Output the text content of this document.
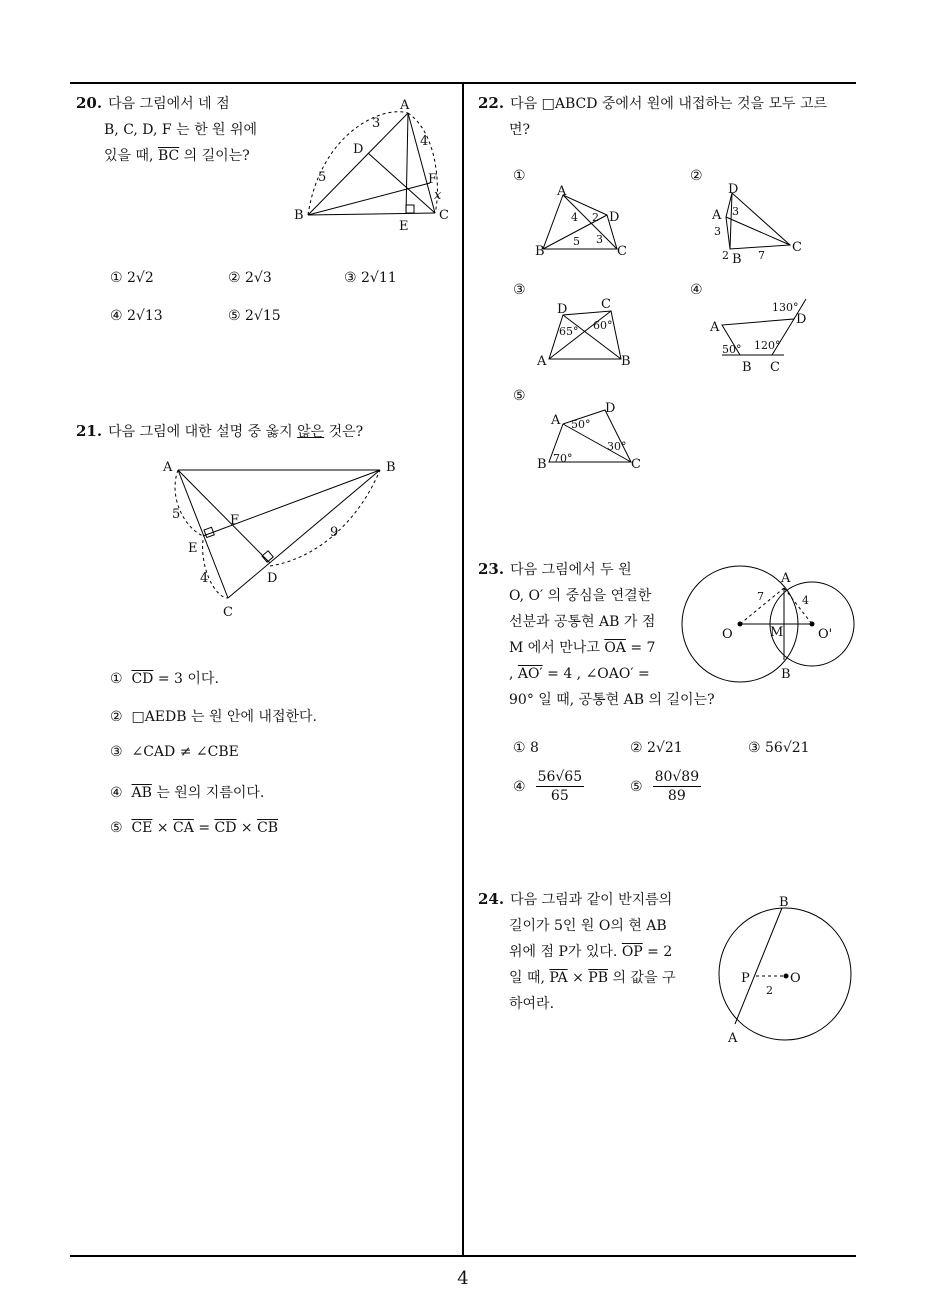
4
20. 다음 그림에서 네 점
B, C, D, F 는 한 원 위에
있을 때, $\overline{BC}$ 의 길이는?
A
B	C
D
E
F
x
3
4
5
① 2√2	② 2√3	③ 2√11
④ 2√13	⑤ 2√15
21. 다음 그림에 대한 설명 중 옳지 않은 것은?
A	B
C
D
E
F
5
4
9
① $\overline{CD} = 3$ 이다.
② □AEDB 는 원 안에 내접한다.
③ ∠CAD ≠ ∠CBE
④ $\overline{AB}$ 는 원의 지름이다.
⑤ $\overline{CE} \times \overline{CA} = \overline{CD} \times \overline{CB}$
22. 다음 □ABCD 중에서 원에 내접하는 것을 모두 고르
면?
①	②
③	④
⑤
A
B	C
D
4 2
5 3
A
B
C
D
3
3
2	7
A	B
C
D
65° 60°	A
B C
D
130°
120°
50°
A
B	C
D
50°
30°
70°
23. 다음 그림에서 두 원
O, O′ 의 중심을 연결한
선분과 공통현 AB 가 점
M 에서 만나고 $\overline{OA} = 7$
, AO′ = 4 , ∠OAO′ =
90° 일 때, 공통현 AB 의 길이는?
A
B
M
O	O'
7	4
① 8	② 2√21	③ 56√21
④
56√65
65
⑤
80√89
89
24. 다음 그림과 같이 반지름의
길이가 5인 원 O의 현 AB
위에 점 P가 있다. $\overline{OP} = 2$
일 때, $\overline{PA} \times \overline{PB}$ 의 값을 구
하여라.
B
A
P	O
2
